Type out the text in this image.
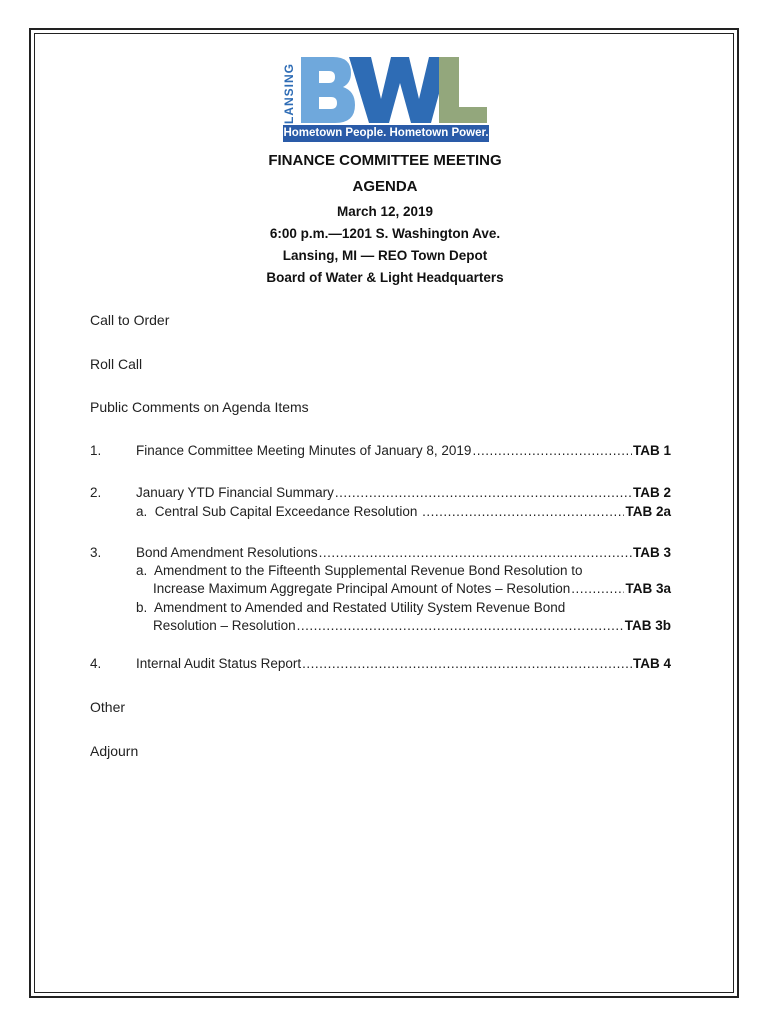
LANSING
Hometown People. Hometown Power.
FINANCE COMMITTEE MEETING
AGENDA
March 12, 2019
6:00 p.m.—1201 S. Washington Ave.
Lansing, MI — REO Town Depot
Board of Water & Light Headquarters
Call to Order
Roll Call
Public Comments on Agenda Items
1.	Finance Committee Meeting Minutes of January 8, 2019 .....	TAB 1
2.	January YTD Financial Summary .....	TAB 2
a.  Central Sub Capital Exceedance Resolution .....	TAB 2a
3.	Bond Amendment Resolutions .....	TAB 3
a.  Amendment to the Fifteenth Supplemental Revenue Bond Resolution to
Increase Maximum Aggregate Principal Amount of Notes – Resolution .....	TAB 3a
b.  Amendment to Amended and Restated Utility System Revenue Bond
Resolution – Resolution .....	TAB 3b
4.	Internal Audit Status Report .....	TAB 4
Other
Adjourn
